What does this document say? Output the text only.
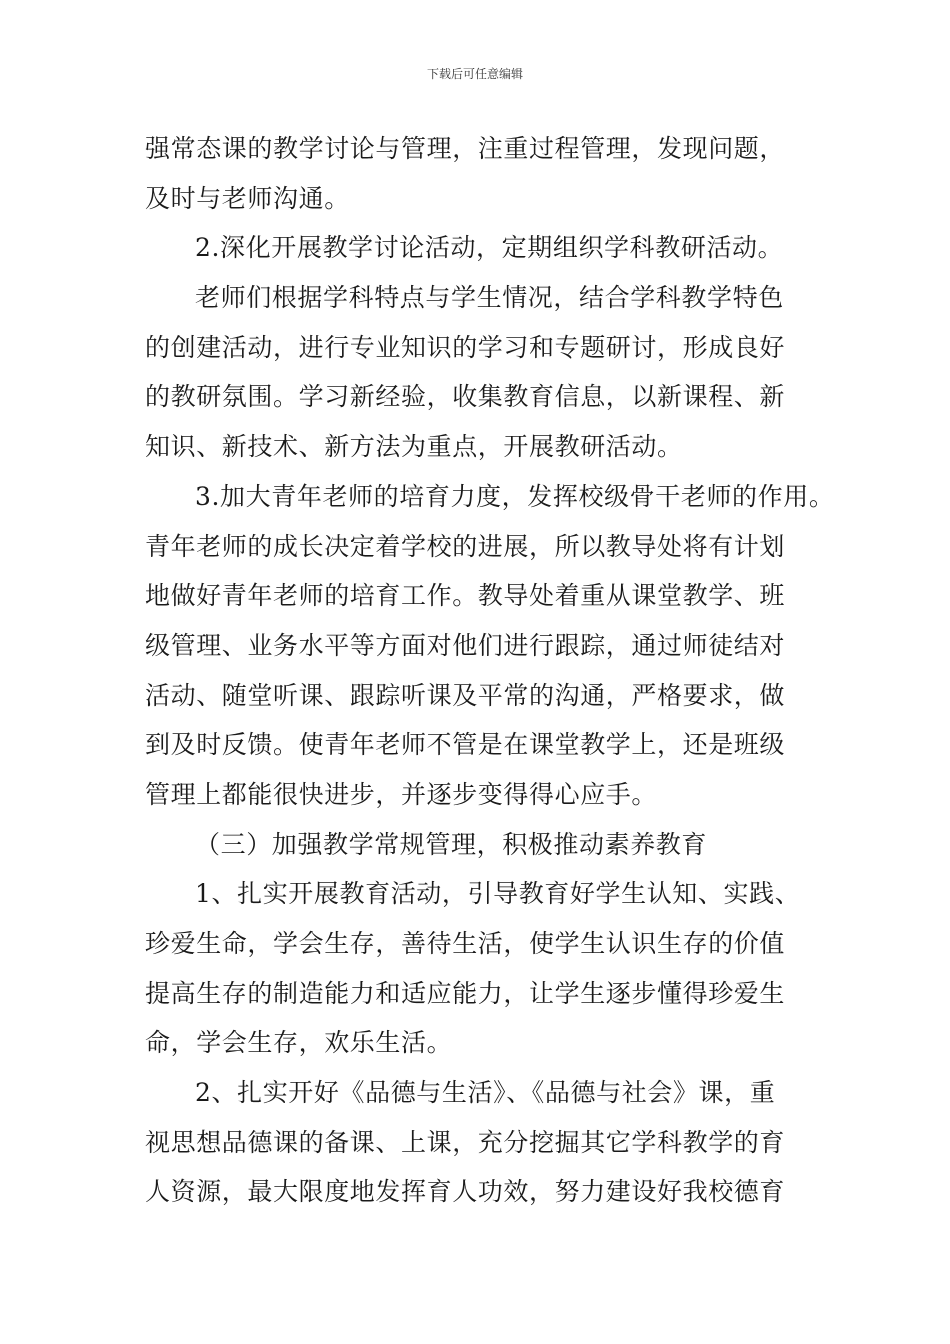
下载后可任意编辑
强常态课的教学讨论与管理，注重过程管理，发现问题，
及时与老师沟通。
2.深化开展教学讨论活动，定期组织学科教研活动。
老师们根据学科特点与学生情况，结合学科教学特色
的创建活动，进行专业知识的学习和专题研讨，形成良好
的教研氛围。学习新经验，收集教育信息，以新课程、新
知识、新技术、新方法为重点，开展教研活动。
3.加大青年老师的培育力度，发挥校级骨干老师的作用。
青年老师的成长决定着学校的进展，所以教导处将有计划
地做好青年老师的培育工作。教导处着重从课堂教学、班
级管理、业务水平等方面对他们进行跟踪，通过师徒结对
活动、随堂听课、跟踪听课及平常的沟通，严格要求，做
到及时反馈。使青年老师不管是在课堂教学上，还是班级
管理上都能很快进步，并逐步变得得心应手。
（三）加强教学常规管理，积极推动素养教育
1、扎实开展教育活动，引导教育好学生认知、实践、
珍爱生命，学会生存，善待生活，使学生认识生存的价值
提高生存的制造能力和适应能力，让学生逐步懂得珍爱生
命，学会生存，欢乐生活。
2、扎实开好《品德与生活》、《品德与社会》课，重
视思想品德课的备课、上课，充分挖掘其它学科教学的育
人资源，最大限度地发挥育人功效，努力建设好我校德育
